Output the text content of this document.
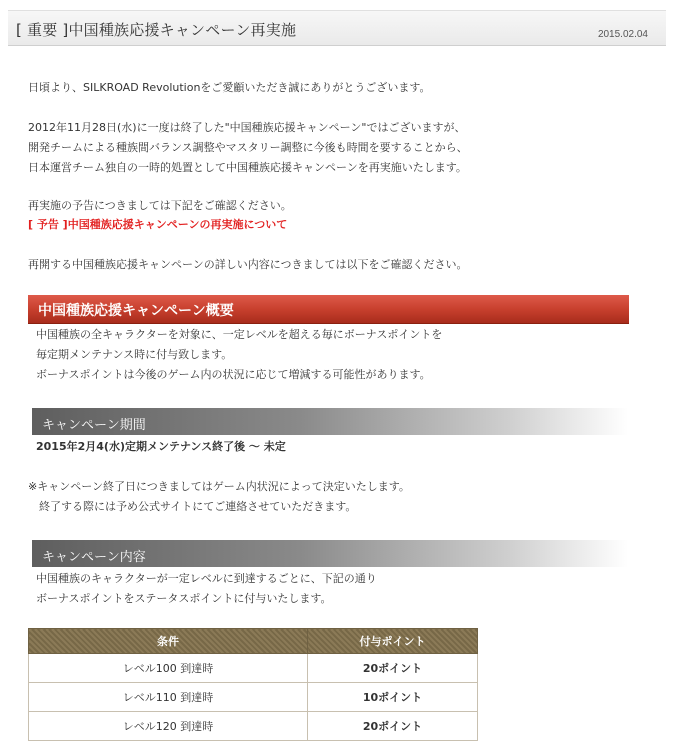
[ 重要 ]中国種族応援キャンペーン再実施	2015.02.04
日頃より、SILKROAD Revolutionをご愛顧いただき誠にありがとうございます。
2012年11月28日(水)に一度は終了した"中国種族応援キャンペーン"ではございますが、
開発チームによる種族間バランス調整やマスタリー調整に今後も時間を要することから、
日本運営チーム独自の一時的処置として中国種族応援キャンペーンを再実施いたします。
再実施の予告につきましては下記をご確認ください。
[ 予告 ]中国種族応援キャンペーンの再実施について
再開する中国種族応援キャンペーンの詳しい内容につきましては以下をご確認ください。
中国種族応援キャンペーン概要
中国種族の全キャラクターを対象に、一定レベルを超える毎にボーナスポイントを
毎定期メンテナンス時に付与致します。
ボーナスポイントは今後のゲーム内の状況に応じて増減する可能性があります。
キャンペーン期間
2015年2月4(水)定期メンテナンス終了後 ～ 未定
※キャンペーン終了日につきましてはゲーム内状況によって決定いたします。
　終了する際には予め公式サイトにてご連絡させていただきます。
キャンペーン内容
中国種族のキャラクターが一定レベルに到達するごとに、下記の通り
ボーナスポイントをステータスポイントに付与いたします。
条件	付与ポイント
レベル100 到達時	20ポイント
レベル110 到達時	10ポイント
レベル120 到達時	20ポイント
